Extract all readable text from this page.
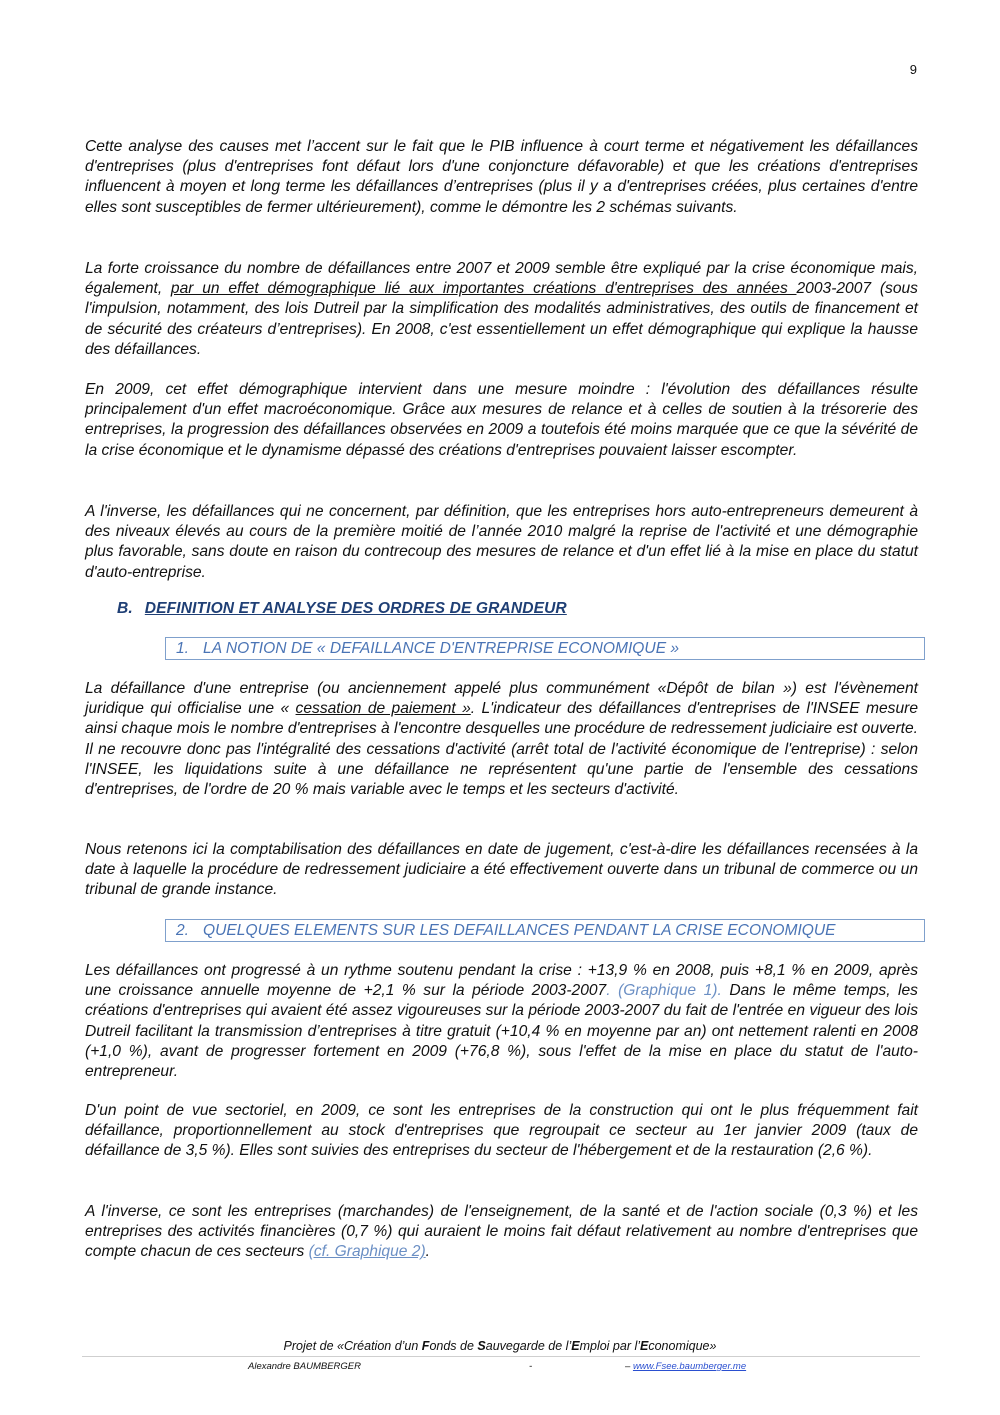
9

Cette analyse des causes met l’accent sur le fait que le PIB influence à court terme et négativement les défaillances d'entreprises (plus d'entreprises font défaut lors d'une conjoncture défavorable) et que les créations d'entreprises influencent à moyen et long terme les défaillances d’entreprises (plus il y a d'entreprises créées, plus certaines d'entre elles sont susceptibles de fermer ultérieurement), comme le démontre les 2 schémas suivants.

La forte croissance du nombre de défaillances entre 2007 et 2009 semble être expliqué par la crise économique mais, également, par un effet démographique lié aux importantes créations d'entreprises des années 2003-2007 (sous l'impulsion, notamment, des lois Dutreil par la simplification des modalités administratives, des outils de financement et de sécurité des créateurs d’entreprises). En 2008, c'est essentiellement un effet démographique qui explique la hausse des défaillances.

En 2009, cet effet démographique intervient dans une mesure moindre : l'évolution des défaillances résulte principalement d'un effet macroéconomique. Grâce aux mesures de relance et à celles de soutien à la trésorerie des entreprises, la progression des défaillances observées en 2009 a toutefois été moins marquée que ce que la sévérité de la crise économique et le dynamisme dépassé des créations d'entreprises pouvaient laisser escompter.

A l'inverse, les défaillances qui ne concernent, par définition, que les entreprises hors auto-entrepreneurs demeurent à des niveaux élevés au cours de la première moitié de l’année 2010 malgré la reprise de l'activité et une démographie plus favorable, sans doute en raison du contrecoup des mesures de relance et d'un effet lié à la mise en place du statut d'auto-entreprise.

B. DEFINITION ET ANALYSE DES ORDRES DE GRANDEUR
1. LA NOTION DE « DEFAILLANCE D'ENTREPRISE ECONOMIQUE »

La défaillance d'une entreprise (ou anciennement appelé plus communément «Dépôt de bilan ») est l'évènement juridique qui officialise une « cessation de paiement ». L'indicateur des défaillances d'entreprises de l'INSEE mesure ainsi chaque mois le nombre d'entreprises à l'encontre desquelles une procédure de redressement judiciaire est ouverte. Il ne recouvre donc pas l'intégralité des cessations d'activité (arrêt total de l'activité économique de l'entreprise) : selon l'INSEE, les liquidations suite à une défaillance ne représentent qu'une partie de l'ensemble des cessations d'entreprises, de l'ordre de 20 % mais variable avec le temps et les secteurs d'activité.

Nous retenons ici la comptabilisation des défaillances en date de jugement, c'est-à-dire les défaillances recensées à la date à laquelle la procédure de redressement judiciaire a été effectivement ouverte dans un tribunal de commerce ou un tribunal de grande instance.

2. QUELQUES ELEMENTS SUR LES DEFAILLANCES PENDANT LA CRISE ECONOMIQUE

Les défaillances ont progressé à un rythme soutenu pendant la crise : +13,9 % en 2008, puis +8,1 % en 2009, après une croissance annuelle moyenne de +2,1 % sur la période 2003-2007. (Graphique 1). Dans le même temps, les créations d'entreprises qui avaient été assez vigoureuses sur la période 2003-2007 du fait de l'entrée en vigueur des lois Dutreil facilitant la transmission d’entreprises à titre gratuit (+10,4 % en moyenne par an) ont nettement ralenti en 2008 (+1,0 %), avant de progresser fortement en 2009 (+76,8 %), sous l'effet de la mise en place du statut de l'auto-entrepreneur.

D'un point de vue sectoriel, en 2009, ce sont les entreprises de la construction qui ont le plus fréquemment fait défaillance, proportionnellement au stock d'entreprises que regroupait ce secteur au 1er janvier 2009 (taux de défaillance de 3,5 %). Elles sont suivies des entreprises du secteur de l'hébergement et de la restauration (2,6 %).

A l'inverse, ce sont les entreprises (marchandes) de l'enseignement, de la santé et de l'action sociale (0,3 %) et les entreprises des activités financières (0,7 %) qui auraient le moins fait défaut relativement au nombre d'entreprises que compte chacun de ces secteurs (cf. Graphique 2).

Projet de «Création d’un Fonds de Sauvegarde de l’Emploi par l’Economique»
Alexandre BAUMBERGER	-	– www.Fsee.baumberger.me
